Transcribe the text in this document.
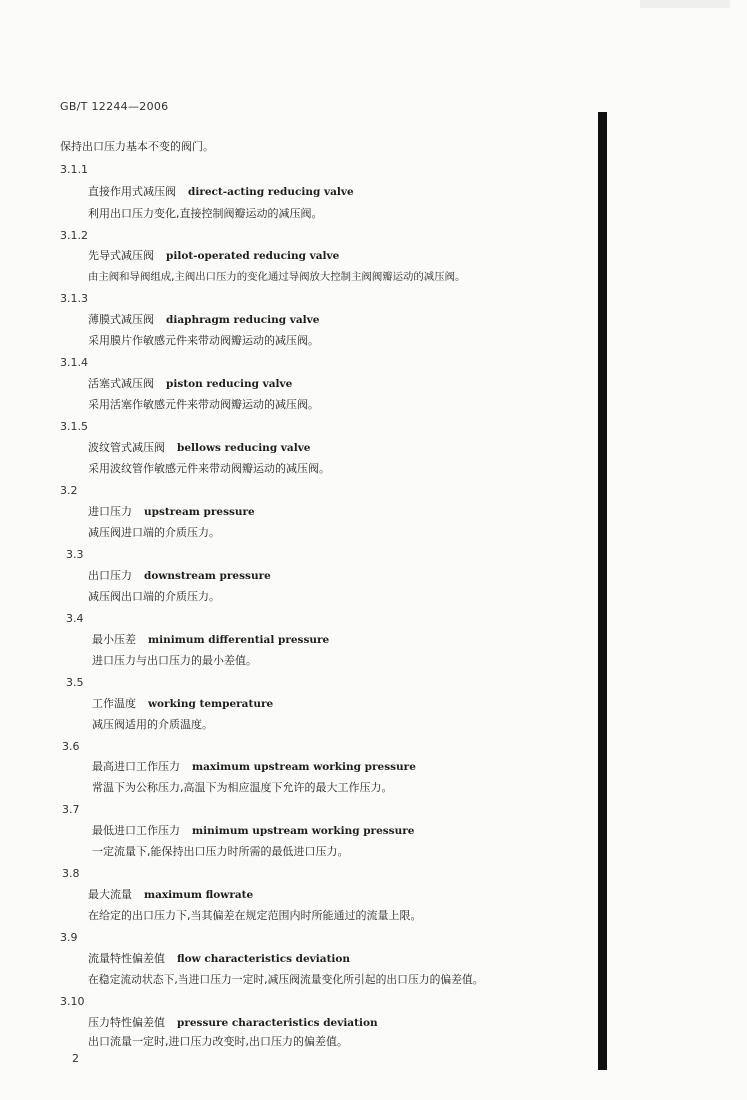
GB/T 12244—2006
保持出口压力基本不变的阀门。
3.1.1
直接作用式减压阀 direct-acting reducing valve
利用出口压力变化,直接控制阀瓣运动的减压阀。
3.1.2
先导式减压阀 pilot-operated reducing valve
由主阀和导阀组成,主阀出口压力的变化通过导阀放大控制主阀阀瓣运动的减压阀。
3.1.3
薄膜式减压阀 diaphragm reducing valve
采用膜片作敏感元件来带动阀瓣运动的减压阀。
3.1.4
活塞式减压阀 piston reducing valve
采用活塞作敏感元件来带动阀瓣运动的减压阀。
3.1.5
波纹管式减压阀 bellows reducing valve
采用波纹管作敏感元件来带动阀瓣运动的减压阀。
3.2
进口压力 upstream pressure
减压阀进口端的介质压力。
3.3
出口压力 downstream pressure
减压阀出口端的介质压力。
3.4
最小压差 minimum differential pressure
进口压力与出口压力的最小差值。
3.5
工作温度 working temperature
减压阀适用的介质温度。
3.6
最高进口工作压力 maximum upstream working pressure
常温下为公称压力,高温下为相应温度下允许的最大工作压力。
3.7
最低进口工作压力 minimum upstream working pressure
一定流量下,能保持出口压力时所需的最低进口压力。
3.8
最大流量 maximum flowrate
在给定的出口压力下,当其偏差在规定范围内时所能通过的流量上限。
3.9
流量特性偏差值 flow characteristics deviation
在稳定流动状态下,当进口压力一定时,减压阀流量变化所引起的出口压力的偏差值。
3.10
压力特性偏差值 pressure characteristics deviation
出口流量一定时,进口压力改变时,出口压力的偏差值。
2
